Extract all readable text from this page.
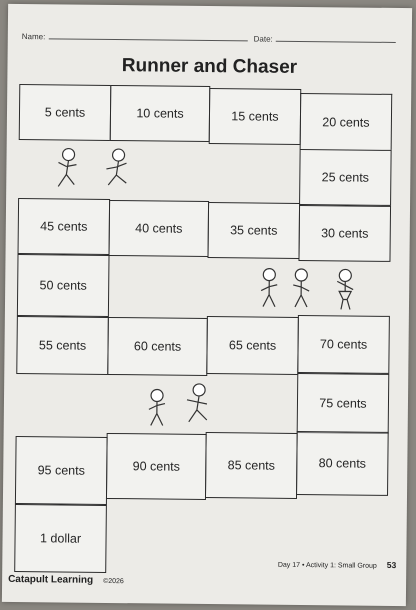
Name:	Date:
Runner and Chaser
5 cents	10 cents	15 cents	20 cents
25 cents
30 cents
35 cents
40 cents
45 cents
50 cents
55 cents	60 cents	65 cents	70 cents
75 cents
80 cents
85 cents
90 cents
95 cents
1 dollar
Day 17 • Activity 1: Small Group 53
Catapult Learning ©2026
